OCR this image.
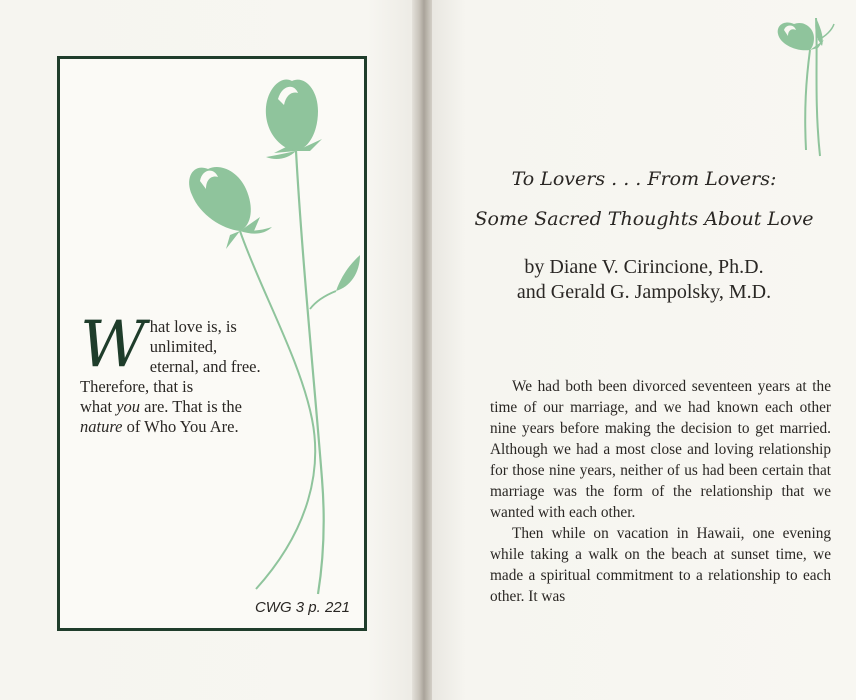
W hat love is, is
unlimited,
eternal, and free.
Therefore, that is
what you are. That is the
nature of Who You Are.
CWG 3 p. 221
To Lovers . . . From Lovers:
Some Sacred Thoughts About Love
by Diane V. Cirincione, Ph.D.
and Gerald G. Jampolsky, M.D.

We had both been divorced seventeen years at the time of our marriage, and we had known each other nine years before making the decision to get married. Although we had a most close and loving relationship for those nine years, neither of us had been certain that marriage was the form of the relationship that we wanted with each other.

Then while on vacation in Hawaii, one evening while taking a walk on the beach at sunset time, we made a spiritual commitment to a relationship to each other. It was
